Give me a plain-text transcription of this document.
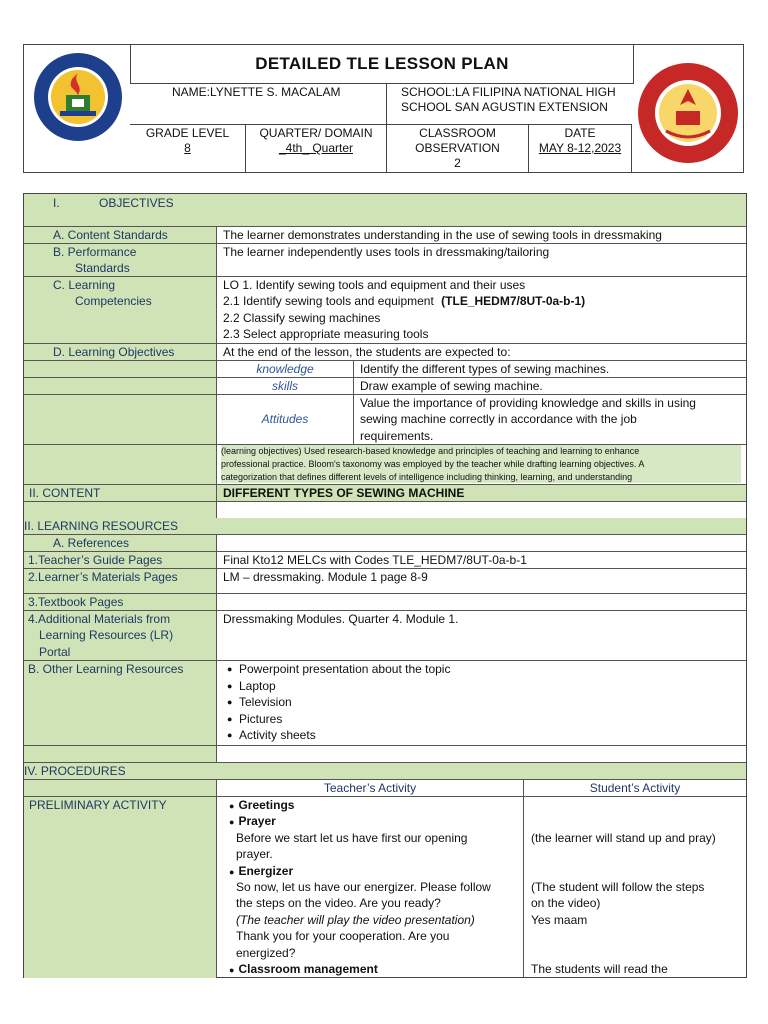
DETAILED TLE LESSON PLAN
NAME:LYNETTE S. MACALAM	SCHOOL:LA FILIPINA NATIONAL HIGH SCHOOL SAN AGUSTIN EXTENSION
GRADE LEVEL
8
QUARTER/ DOMAIN
_4th_ Quarter
CLASSROOM OBSERVATION
2
DATE
MAY 8-12,2023
I.	OBJECTIVES
A. Content Standards	The learner demonstrates understanding in the use of sewing tools in dressmaking
B. Performance
Standards
The learner independently uses tools in dressmaking/tailoring
C. Learning
Competencies
LO 1. Identify sewing tools and equipment and their uses
2.1 Identify sewing tools and equipment (TLE_HEDM7/8UT-0a-b-1)
2.2 Classify sewing machines
2.3 Select appropriate measuring tools
D. Learning Objectives	At the end of the lesson, the students are expected to:
knowledge	Identify the different types of sewing machines.
skills	Draw example of sewing machine.
Attitudes
Value the importance of providing knowledge and skills in using
sewing machine correctly in accordance with the job
requirements.
(learning objectives) Used research-based knowledge and principles of teaching and learning to enhance
professional practice. Bloom's taxonomy was employed by the teacher while drafting learning objectives. A
categorization that defines different levels of intelligence including thinking, learning, and understanding
II. CONTENT	DIFFERENT TYPES OF SEWING MACHINE
II. LEARNING RESOURCES
A. References
1.Teacher’s Guide Pages	Final Kto12 MELCs with Codes TLE_HEDM7/8UT-0a-b-1
2.Learner’s Materials Pages	LM – dressmaking. Module 1 page 8-9
3.Textbook Pages
4.Additional Materials from
Learning Resources (LR)
Portal
Dressmaking Modules. Quarter 4. Module 1.
B. Other Learning Resources
●	Powerpoint presentation about the topic
● Laptop
● Television
● Pictures
● Activity sheets
IV. PROCEDURES
Teacher’s Activity	Student’s Activity
PRELIMINARY ACTIVITY	● Greetings
● Prayer
Before we start let us have first our opening
prayer.
● Energizer
So now, let us have our energizer. Please follow
the steps on the video. Are you ready?
(The teacher will play the video presentation)
Thank you for your cooperation. Are you
energized?
● Classroom management
(the learner will stand up and pray)
(The student will follow the steps
on the video)
Yes maam
The students will read the
